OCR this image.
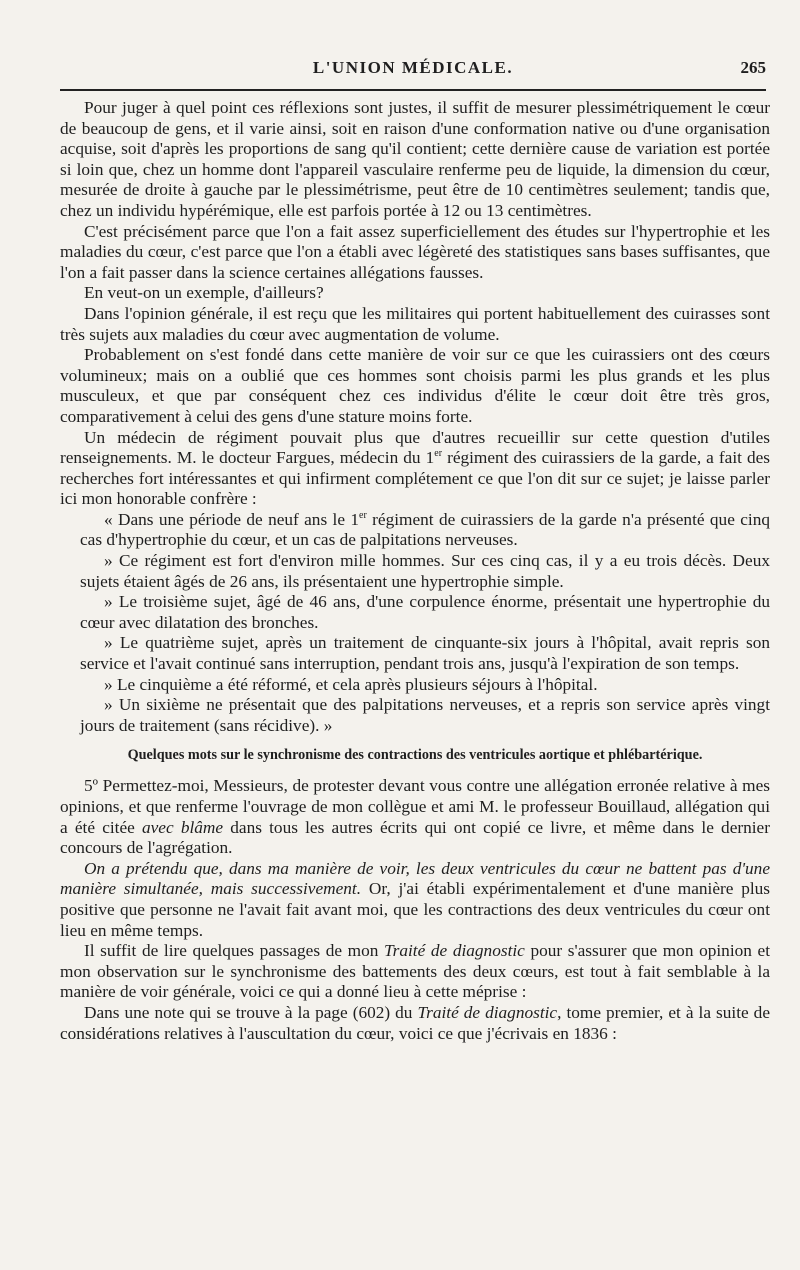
L'UNION MÉDICALE.	265

Pour juger à quel point ces réflexions sont justes, il suffit de mesurer plessimétriquement le cœur de beaucoup de gens, et il varie ainsi, soit en raison d'une conformation native ou d'une organisation acquise, soit d'après les proportions de sang qu'il contient; cette dernière cause de variation est portée si loin que, chez un homme dont l'appareil vasculaire renferme peu de liquide, la dimension du cœur, mesurée de droite à gauche par le plessimétrisme, peut être de 10 centimètres seulement; tandis que, chez un individu hypérémique, elle est parfois portée à 12 ou 13 centimètres.

C'est précisément parce que l'on a fait assez superficiellement des études sur l'hypertrophie et les maladies du cœur, c'est parce que l'on a établi avec légèreté des statistiques sans bases suffisantes, que l'on a fait passer dans la science certaines allégations fausses.

En veut-on un exemple, d'ailleurs?

Dans l'opinion générale, il est reçu que les militaires qui portent habituellement des cuirasses sont très sujets aux maladies du cœur avec augmentation de volume.

Probablement on s'est fondé dans cette manière de voir sur ce que les cuirassiers ont des cœurs volumineux; mais on a oublié que ces hommes sont choisis parmi les plus grands et les plus musculeux, et que par conséquent chez ces individus d'élite le cœur doit être très gros, comparativement à celui des gens d'une stature moins forte.

Un médecin de régiment pouvait plus que d'autres recueillir sur cette question d'utiles renseignements. M. le docteur Fargues, médecin du 1er régiment des cuirassiers de la garde, a fait des recherches fort intéressantes et qui infirment complétement ce que l'on dit sur ce sujet; je laisse parler ici mon honorable confrère :

« Dans une période de neuf ans le 1er régiment de cuirassiers de la garde n'a présenté que cinq cas d'hypertrophie du cœur, et un cas de palpitations nerveuses.

» Ce régiment est fort d'environ mille hommes. Sur ces cinq cas, il y a eu trois décès. Deux sujets étaient âgés de 26 ans, ils présentaient une hypertrophie simple.

» Le troisième sujet, âgé de 46 ans, d'une corpulence énorme, présentait une hypertrophie du cœur avec dilatation des bronches.

» Le quatrième sujet, après un traitement de cinquante-six jours à l'hôpital, avait repris son service et l'avait continué sans interruption, pendant trois ans, jusqu'à l'expiration de son temps.

» Le cinquième a été réformé, et cela après plusieurs séjours à l'hôpital.

» Un sixième ne présentait que des palpitations nerveuses, et a repris son service après vingt jours de traitement (sans récidive). »

Quelques mots sur le synchronisme des contractions des ventricules aortique et phlébartérique.

5º Permettez-moi, Messieurs, de protester devant vous contre une allégation erronée relative à mes opinions, et que renferme l'ouvrage de mon collègue et ami M. le professeur Bouillaud, allégation qui a été citée avec blâme dans tous les autres écrits qui ont copié ce livre, et même dans le dernier concours de l'agrégation.

On a prétendu que, dans ma manière de voir, les deux ventricules du cœur ne battent pas d'une manière simultanée, mais successivement. Or, j'ai établi expérimentalement et d'une manière plus positive que personne ne l'avait fait avant moi, que les contractions des deux ventricules du cœur ont lieu en même temps.

Il suffit de lire quelques passages de mon Traité de diagnostic pour s'assurer que mon opinion et mon observation sur le synchronisme des battements des deux cœurs, est tout à fait semblable à la manière de voir générale, voici ce qui a donné lieu à cette méprise :

Dans une note qui se trouve à la page (602) du Traité de diagnostic, tome premier, et à la suite de considérations relatives à l'auscultation du cœur, voici ce que j'écrivais en 1836 :
